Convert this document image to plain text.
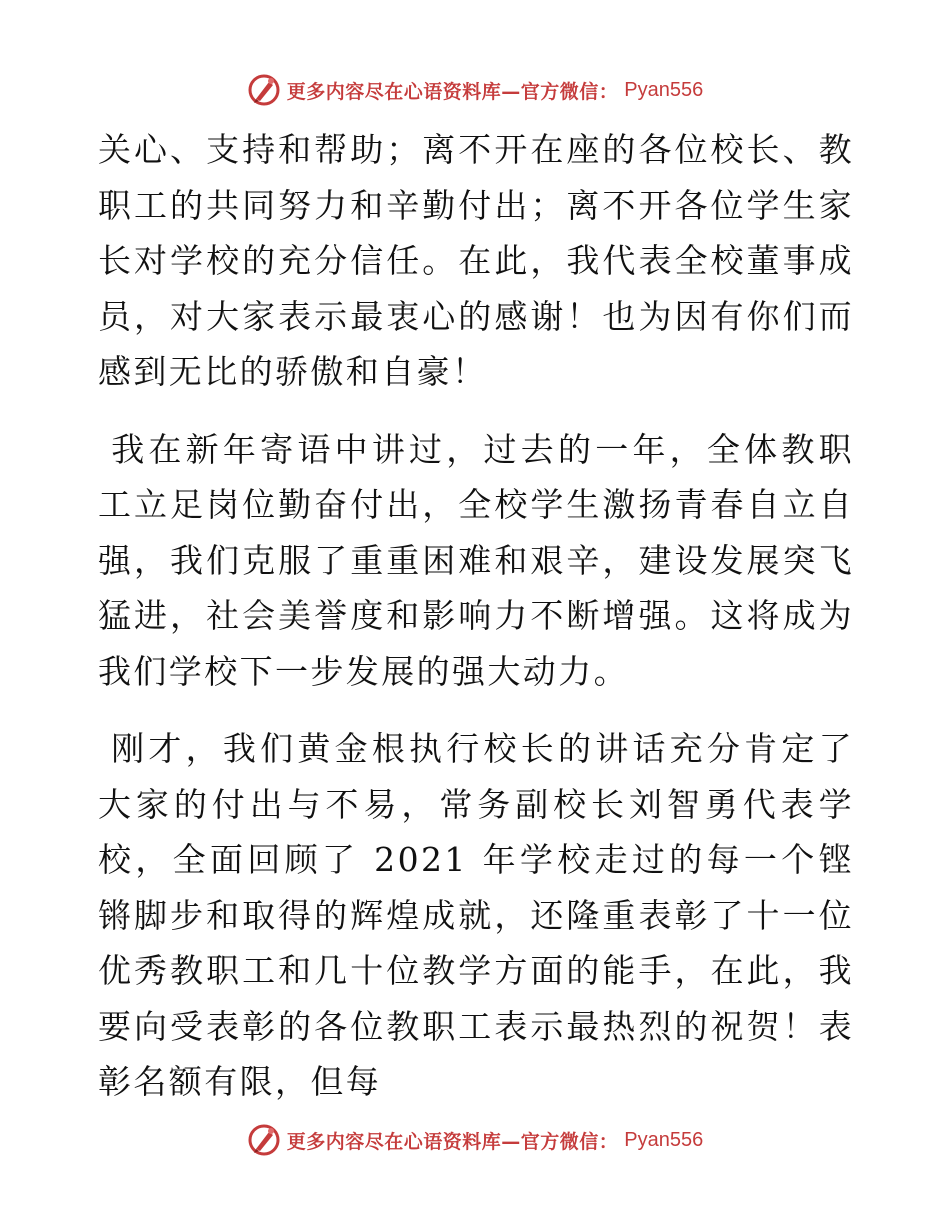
更多内容尽在心语资料库—官方微信： Pyan556

关心、支持和帮助；离不开在座的各位校长、教职工的共同努力和辛勤付出；离不开各位学生家长对学校的充分信任。在此，我代表全校董事成员，对大家表示最衷心的感谢！也为因有你们而感到无比的骄傲和自豪！

我在新年寄语中讲过，过去的一年，全体教职工立足岗位勤奋付出，全校学生激扬青春自立自强，我们克服了重重困难和艰辛，建设发展突飞猛进，社会美誉度和影响力不断增强。这将成为我们学校下一步发展的强大动力。

刚才，我们黄金根执行校长的讲话充分肯定了大家的付出与不易，常务副校长刘智勇代表学校，全面回顾了 2021 年学校走过的每一个铿锵脚步和取得的辉煌成就，还隆重表彰了十一位优秀教职工和几十位教学方面的能手，在此，我要向受表彰的各位教职工表示最热烈的祝贺！表彰名额有限，但每

更多内容尽在心语资料库—官方微信： Pyan556
